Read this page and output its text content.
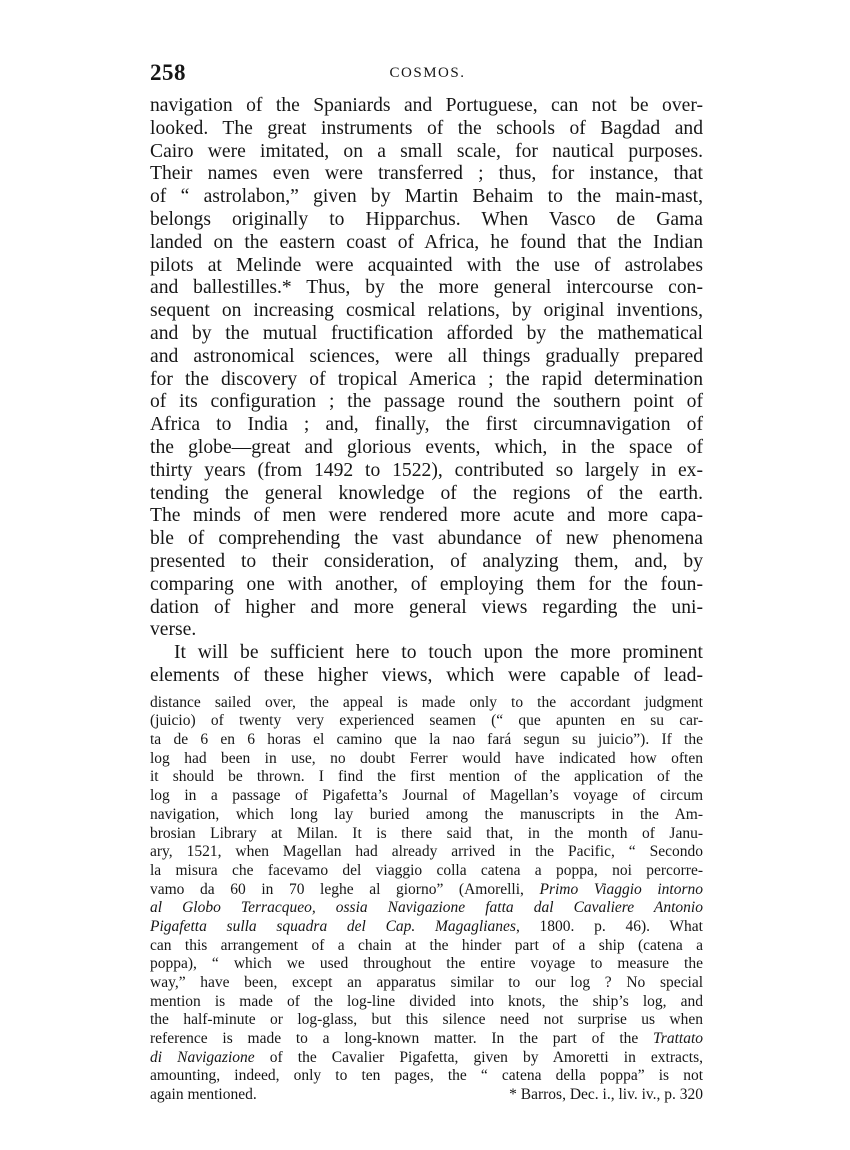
258	COSMOS.
navigation of the Spaniards and Portuguese, can not be over-
looked. The great instruments of the schools of Bagdad and
Cairo were imitated, on a small scale, for nautical purposes.
Their names even were transferred ; thus, for instance, that
of “ astrolabon,” given by Martin Behaim to the main-mast,
belongs originally to Hipparchus. When Vasco de Gama
landed on the eastern coast of Africa, he found that the Indian
pilots at Melinde were acquainted with the use of astrolabes
and ballestilles.* Thus, by the more general intercourse con-
sequent on increasing cosmical relations, by original inventions,
and by the mutual fructification afforded by the mathematical
and astronomical sciences, were all things gradually prepared
for the discovery of tropical America ; the rapid determination
of its configuration ; the passage round the southern point of
Africa to India ; and, finally, the first circumnavigation of
the globe—great and glorious events, which, in the space of
thirty years (from 1492 to 1522), contributed so largely in ex-
tending the general knowledge of the regions of the earth.
The minds of men were rendered more acute and more capa-
ble of comprehending the vast abundance of new phenomena
presented to their consideration, of analyzing them, and, by
comparing one with another, of employing them for the foun-
dation of higher and more general views regarding the uni-
verse.
It will be sufficient here to touch upon the more prominent
elements of these higher views, which were capable of lead-
distance sailed over, the appeal is made only to the accordant judgment
(juicio) of twenty very experienced seamen (“ que apunten en su car-
ta de 6 en 6 horas el camino que la nao fará segun su juicio”). If the
log had been in use, no doubt Ferrer would have indicated how often
it should be thrown. I find the first mention of the application of the
log in a passage of Pigafetta’s Journal of Magellan’s voyage of circum
navigation, which long lay buried among the manuscripts in the Am-
brosian Library at Milan. It is there said that, in the month of Janu-
ary, 1521, when Magellan had already arrived in the Pacific, “ Secondo
la misura che facevamo del viaggio colla catena a poppa, noi percorre-
vamo da 60 in 70 leghe al giorno” (Amorelli, Primo Viaggio intorno
al Globo Terracqueo, ossia Navigazione fatta dal Cavaliere Antonio
Pigafetta sulla squadra del Cap. Magaglianes, 1800. p. 46). What
can this arrangement of a chain at the hinder part of a ship (catena a
poppa), “ which we used throughout the entire voyage to measure the
way,” have been, except an apparatus similar to our log ? No special
mention is made of the log-line divided into knots, the ship’s log, and
the half-minute or log-glass, but this silence need not surprise us when
reference is made to a long-known matter. In the part of the Trattato
di Navigazione of the Cavalier Pigafetta, given by Amoretti in extracts,
amounting, indeed, only to ten pages, the “ catena della poppa” is not
again mentioned.	* Barros, Dec. i., liv. iv., p. 320
